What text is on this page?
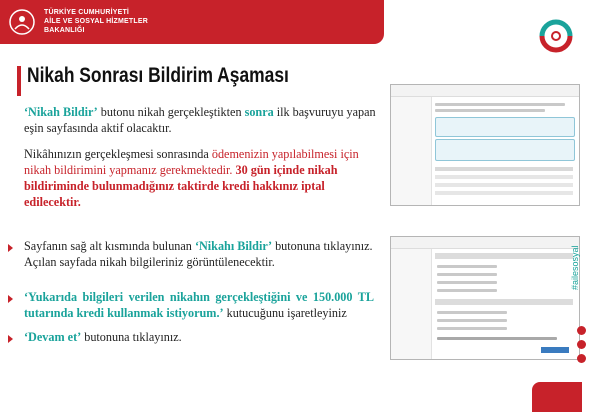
TÜRKİYE CUMHURİYETİ
AİLE VE SOSYAL HİZMETLER
BAKANLIĞI
Nikah Sonrası Bildirim Aşaması
‘Nikah Bildir’ butonu nikah gerçekleştikten sonra ilk başvuruyu yapan eşin sayfasında aktif olacaktır.
Nikâhınızın gerçekleşmesi sonrasında ödemenizin yapılabilmesi için nikah bildirimini yapmanız gerekmektedir. 30 gün içinde nikah bildiriminde bulunmadığınız taktirde kredi hakkınız iptal edilecektir.
Sayfanın sağ alt kısmında bulunan ‘Nikahı Bildir’ butonuna tıklayınız. Açılan sayfada nikah bilgileriniz görüntülenecektir.
‘Yukarıda bilgileri verilen nikahın gerçekleştiğini ve 150.000 TL tutarında kredi kullanmak istiyorum.’ kutucuğunu işaretleyiniz
‘Devam et’ butonuna tıklayınız.
#ailesosyal
